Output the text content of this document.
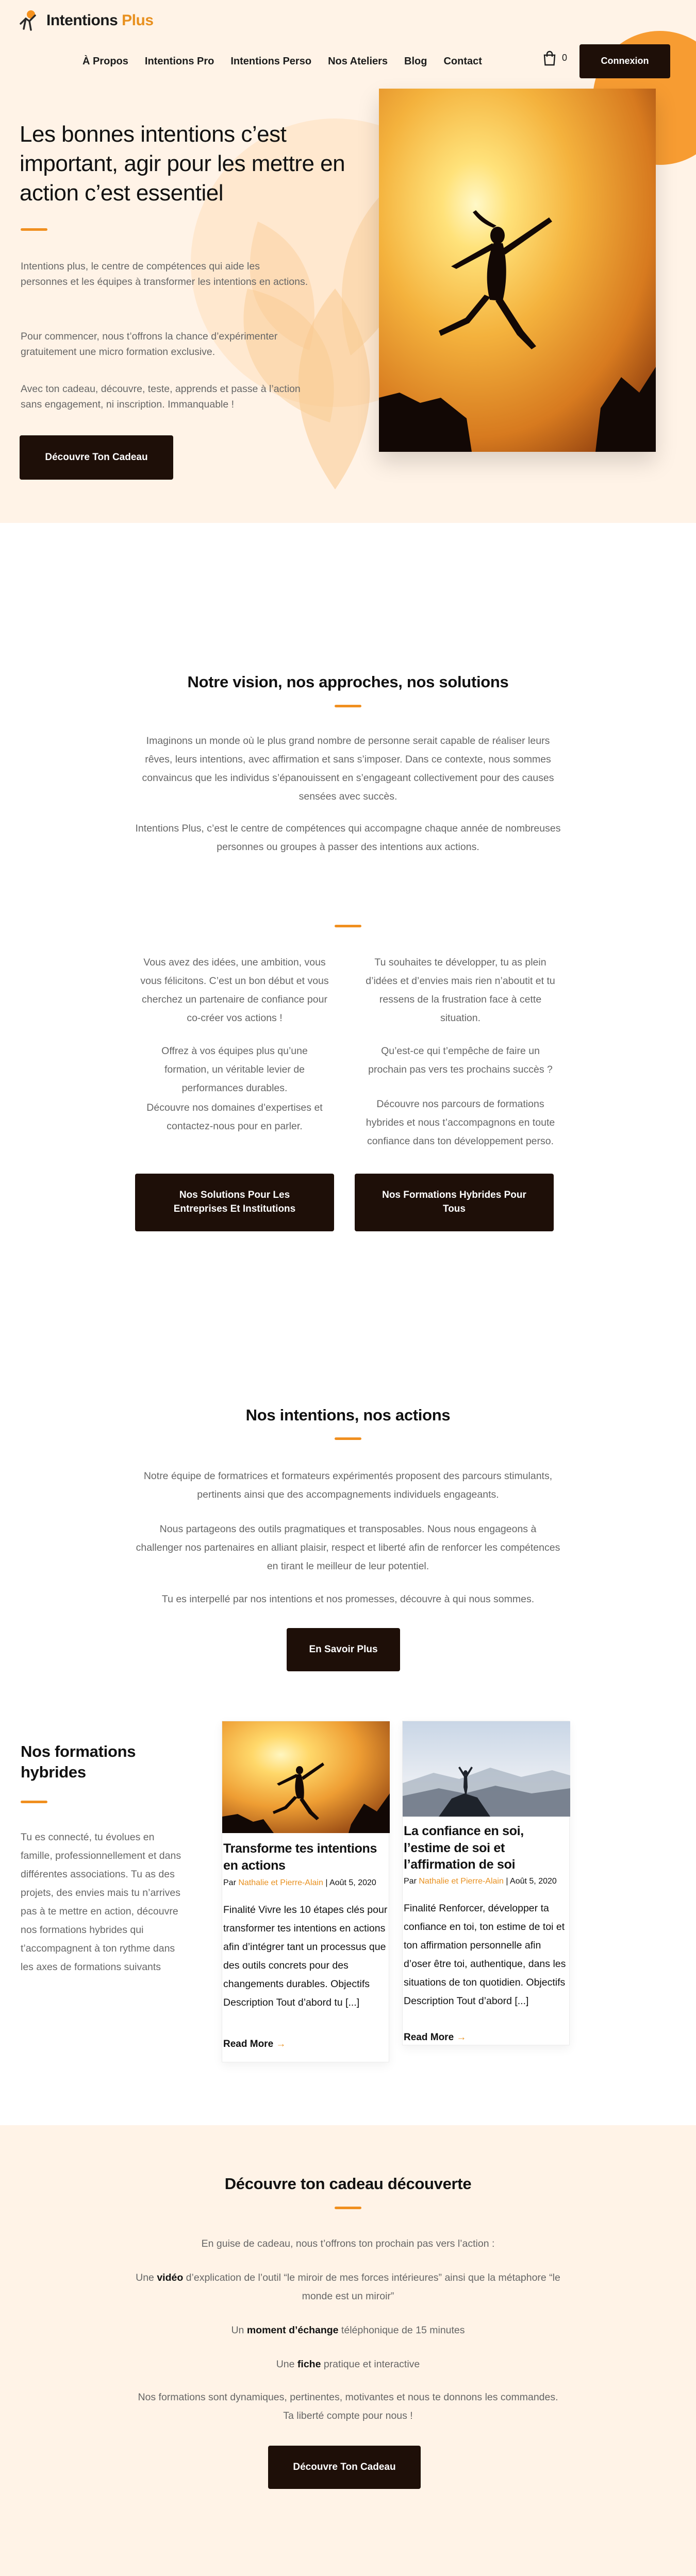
Intentions Plus
À Propos Intentions Pro Intentions Perso Nos Ateliers Blog Contact	0	Connexion
Les bonnes intentions c’est important, agir pour les mettre en action c’est essentiel

Intentions plus, le centre de compétences qui aide les personnes et les équipes à transformer les intentions en actions.

Pour commencer, nous t’offrons la chance d’expérimenter gratuitement une micro formation exclusive.

Avec ton cadeau, découvre, teste, apprends et passe à l’action sans engagement, ni inscription. Immanquable !

Découvre Ton Cadeau
Notre vision, nos approches, nos solutions

Imaginons un monde où le plus grand nombre de personne serait capable de réaliser leurs rêves, leurs intentions, avec affirmation et sans s’imposer. Dans ce contexte, nous sommes convaincus que les individus s’épanouissent en s’engageant collectivement pour des causes sensées avec succès.

Intentions Plus, c’est le centre de compétences qui accompagne chaque année de nombreuses personnes ou groupes à passer des intentions aux actions.

Vous avez des idées, une ambition, vous vous félicitons. C’est un bon début et vous cherchez un partenaire de confiance pour co-créer vos actions !

Offrez à vos équipes plus qu’une formation, un véritable levier de performances durables.

Découvre nos domaines d’expertises et contactez-nous pour en parler.

Nos Solutions Pour Les Entreprises Et Institutions

Tu souhaites te développer, tu as plein d’idées et d’envies mais rien n’aboutit et tu ressens de la frustration face à cette situation.

Qu’est-ce qui t’empêche de faire un prochain pas vers tes prochains succès ?

Découvre nos parcours de formations hybrides et nous t’accompagnons en toute confiance dans ton développement perso.

Nos Formations Hybrides Pour Tous
Nos intentions, nos actions

Notre équipe de formatrices et formateurs expérimentés proposent des parcours stimulants, pertinents ainsi que des accompagnements individuels engageants.

Nous partageons des outils pragmatiques et transposables. Nous nous engageons à challenger nos partenaires en alliant plaisir, respect et liberté afin de renforcer les compétences en tirant le meilleur de leur potentiel.

Tu es interpellé par nos intentions et nos promesses, découvre à qui nous sommes.

En Savoir Plus
Nos formations hybrides

Tu es connecté, tu évolues en famille, professionnellement et dans différentes associations. Tu as des projets, des envies mais tu n’arrives pas à te mettre en action, découvre nos formations hybrides qui t’accompagnent à ton rythme dans les axes de formations suivants

Transforme tes intentions en actions
Par Nathalie et Pierre-Alain | Août 5, 2020

Finalité Vivre les 10 étapes clés pour transformer tes intentions en actions afin d’intégrer tant un processus que des outils concrets pour des changements durables. Objectifs Description Tout d’abord tu [...]

Read More →
La confiance en soi, l’estime de soi et l’affirmation de soi
Par Nathalie et Pierre-Alain | Août 5, 2020

Finalité Renforcer, développer ta confiance en toi, ton estime de toi et ton affirmation personnelle afin d’oser être toi, authentique, dans les situations de ton quotidien. Objectifs Description Tout d’abord [...]

Read More →
Découvre ton cadeau découverte

En guise de cadeau, nous t’offrons ton prochain pas vers l’action :

Une vidéo d’explication de l’outil “le miroir de mes forces intérieures” ainsi que la métaphore “le monde est un miroir”

Un moment d’échange téléphonique de 15 minutes

Une fiche pratique et interactive

Nos formations sont dynamiques, pertinentes, motivantes et nous te donnons les commandes. Ta liberté compte pour nous !

Découvre Ton Cadeau
